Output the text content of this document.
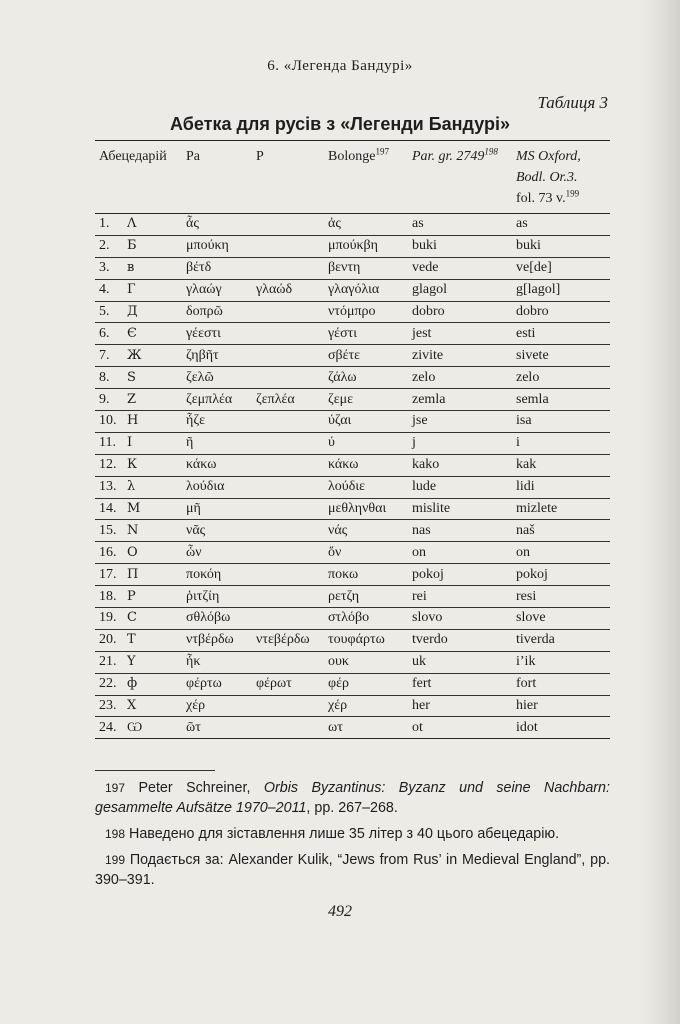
6. «Легенда Бандурі»
Таблиця 3
Абетка для русів з «Легенди Бандурі»
Абецедарій	Pa	P	Bolonge$^{197}$	Par. gr. 2749$^{198}$	MS Oxford,
Bodl. Or.3.
fol. 73 v.$^{199}$
1. Λ	ἆς		ἀς	as	as
2. Б	μπούκη		μπούκβη	buki	buki
3. ʙ	βέτδ		βεντη	vede	ve[de]
4. Г	γλαώγ	γλαώδ	γλαγόλια	glagol	g[lagol]
5. Д	δοπρῶ		ντόμπρο	dobro	dobro
6. Є	γέεστι		γέστι	jest	esti
7. Ж	ζηβῆτ		σβέτε	zivite	sivete
8. Ѕ	ζελῶ		ζάλω	zelo	zelo
9. Ζ	ζεμπλέα	ζεπλέα	ζεμε	zemla	semla
10. Н	ἧζε		ύζαι	jse	isa
11. I	ῆ		ύ	j	i
12. К	κάκω		κάκω	kako	kak
13. λ	λούδια		λούδιε	lude	lidi
14. М	μῆ		μεθληνθαι	mislite	mizlete
15. Ν	νᾶς		νάς	nas	naš
16. О	ὧν		ὄν	on	on
17. П	ποκόη		ποκω	pokoj	pokoj
18. Р	ῥιτζίη		ρετζη	rei	resi
19. С	σθλόβω		στλόβο	slovo	slove
20. Т	ντβέρδω	ντεβέρδω	τουφάρτω	tverdo	tiverda
21. Υ	ἧκ		ουκ	uk	i’ik
22. ф	φέρτω	φέρωτ	φέρ	fert	fort
23. Х	χέρ		χέρ	her	hier
24. Ѡ	ῶτ		ωτ	ot	idot

197 Peter Schreiner, Orbis Byzantinus: Byzanz und seine Nachbarn: gesammelte Aufsätze 1970–2011, pp. 267–268.

198 Наведено для зіставлення лише 35 літер з 40 цього абецедарію.

199 Подається за: Alexander Kulik, “Jews from Rus’ in Medieval England”, pp. 390–391.

492
